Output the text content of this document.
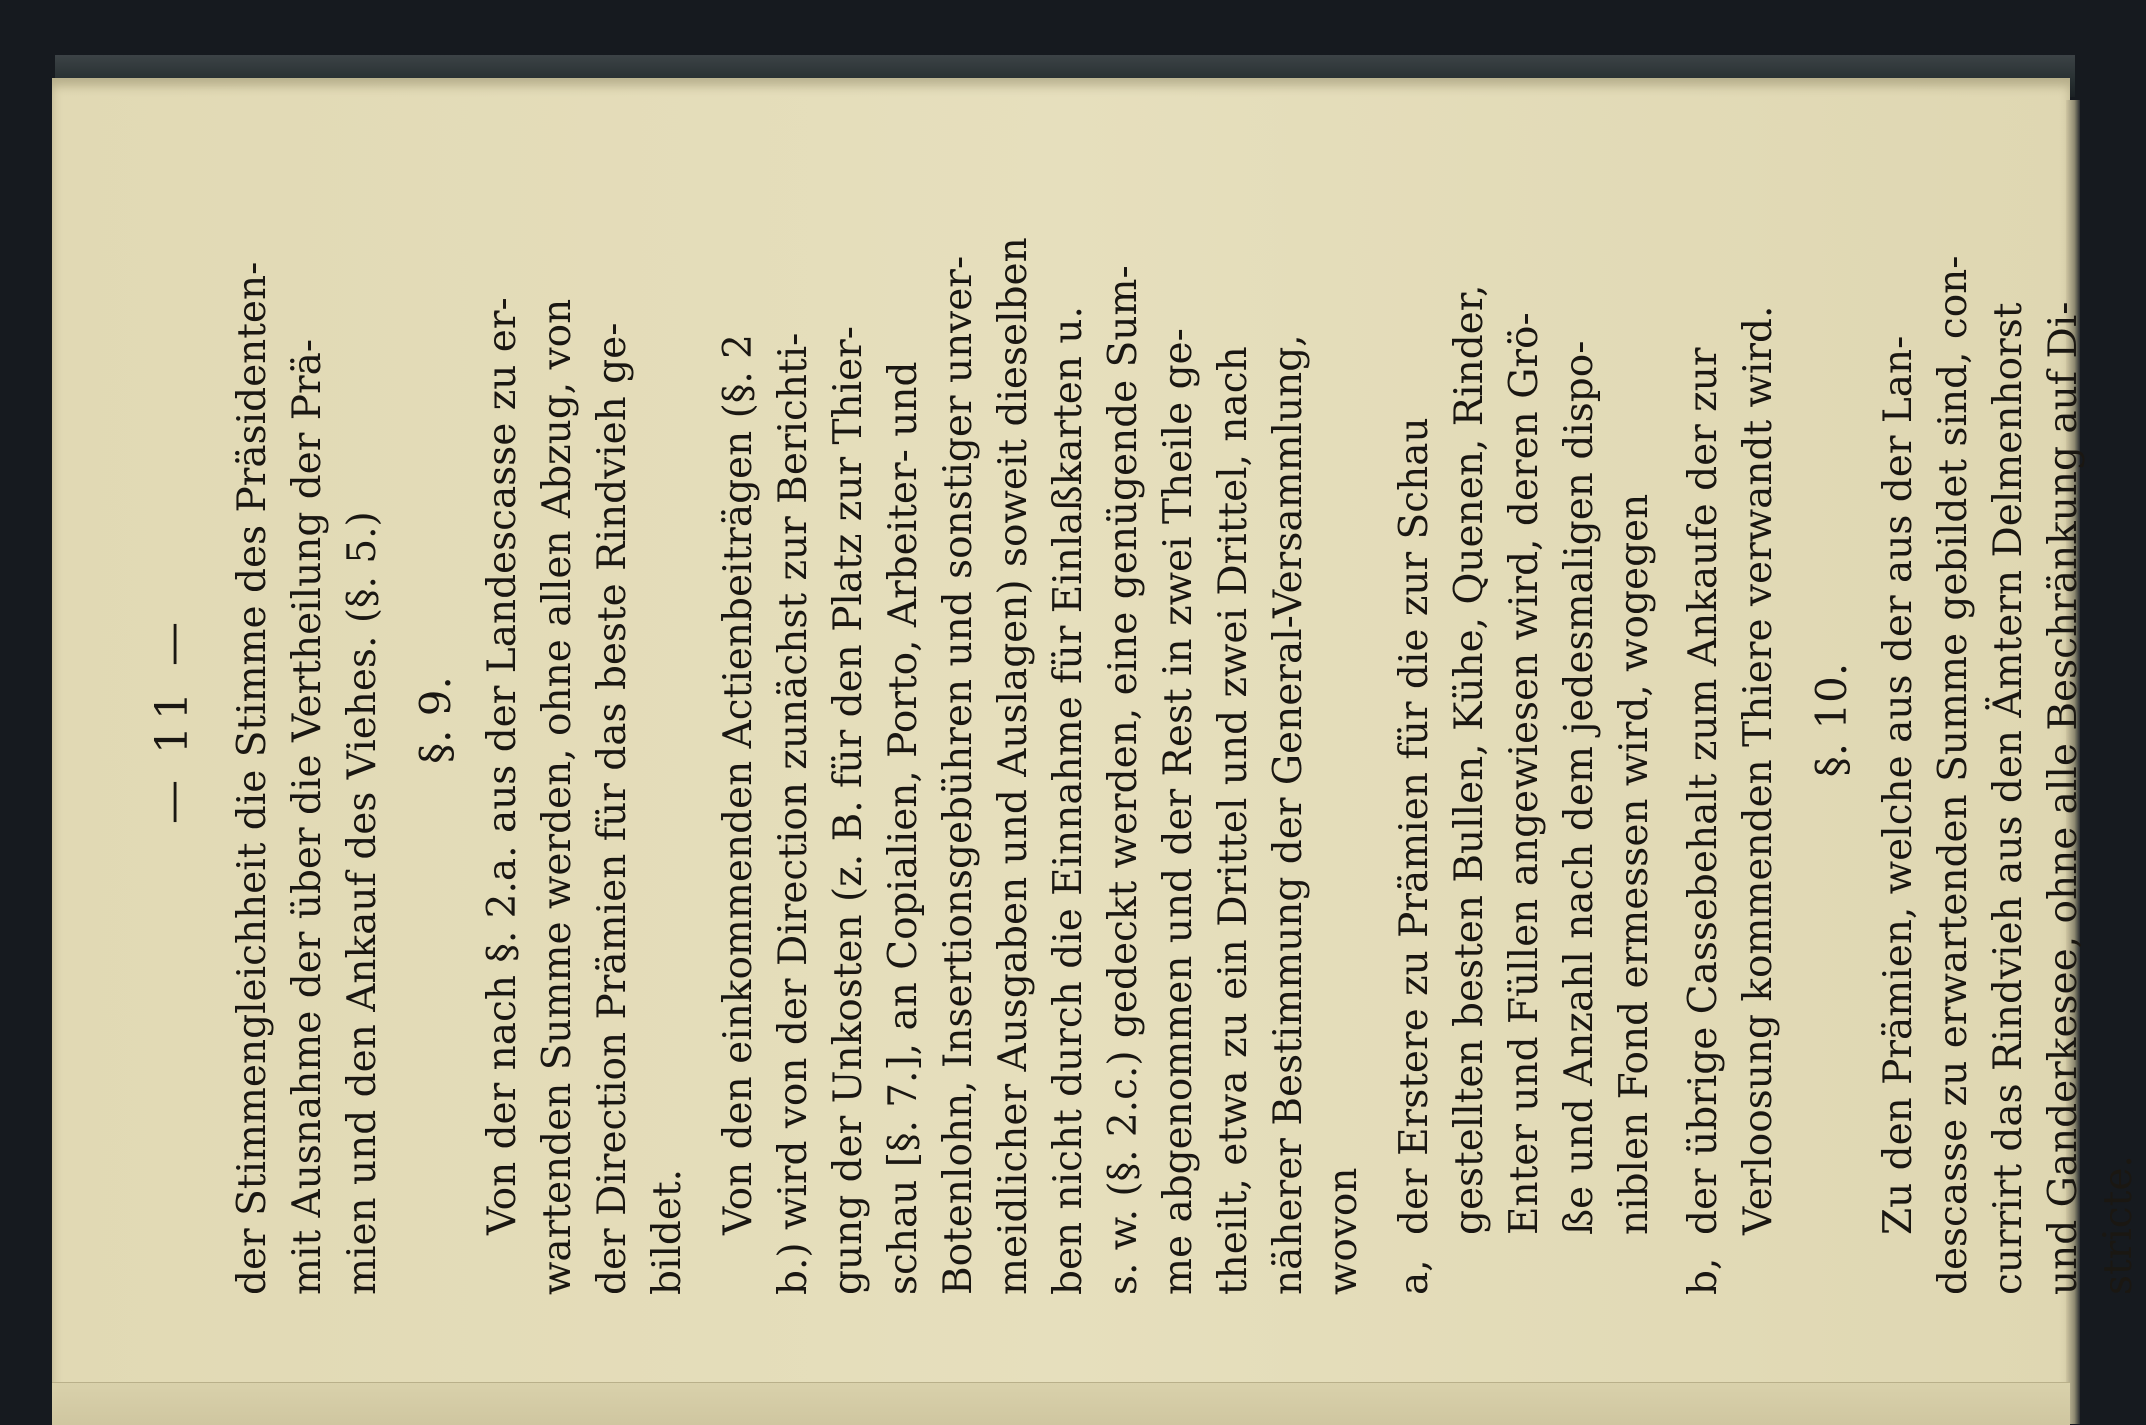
— 11 — der Stimmengleichheit die Stimme des Präsidenten- mit Ausnahme der über die Vertheilung der Prä- mien und den Ankauf des Viehes. (§. 5.) §. 9. Von der nach §. 2.a. aus der Landescasse zu er- wartenden Summe werden, ohne allen Abzug, von der Direction Prämien für das beste Rindvieh ge- bildet. Von den einkommenden Actienbeiträgen (§. 2 b.) wird von der Direction zunächst zur Berichti- gung der Unkosten (z. B. für den Platz zur Thier- schau [§. 7.], an Copialien, Porto, Arbeiter- und Botenlohn, Insertionsgebühren und sonstiger unver- meidlicher Ausgaben und Auslagen) soweit dieselben ben nicht durch die Einnahme für Einlaßkarten u. s. w. (§. 2.c.) gedeckt werden, eine genügende Sum- me abgenommen und der Rest in zwei Theile ge- theilt, etwa zu ein Drittel und zwei Drittel, nach näherer Bestimmung der General-Versammlung, wovon a,
der Erstere zu Prämien für die zur Schau gestellten besten Bullen, Kühe, Quenen, Rinder, Enter und Füllen angewiesen wird, deren Grö- ße und Anzahl nach dem jedesmaligen dispo- niblen Fond ermessen wird, wogegen
b,
der übrige Cassebehalt zum Ankaufe der zur Verloosung kommenden Thiere verwandt wird. §. 10. Zu den Prämien, welche aus der aus der Lan- descasse zu erwartenden Summe gebildet sind, con- currirt das Rindvieh aus den Ämtern Delmenhorst und Ganderkesee, ohne alle Beschränkung auf Di- stricte.
